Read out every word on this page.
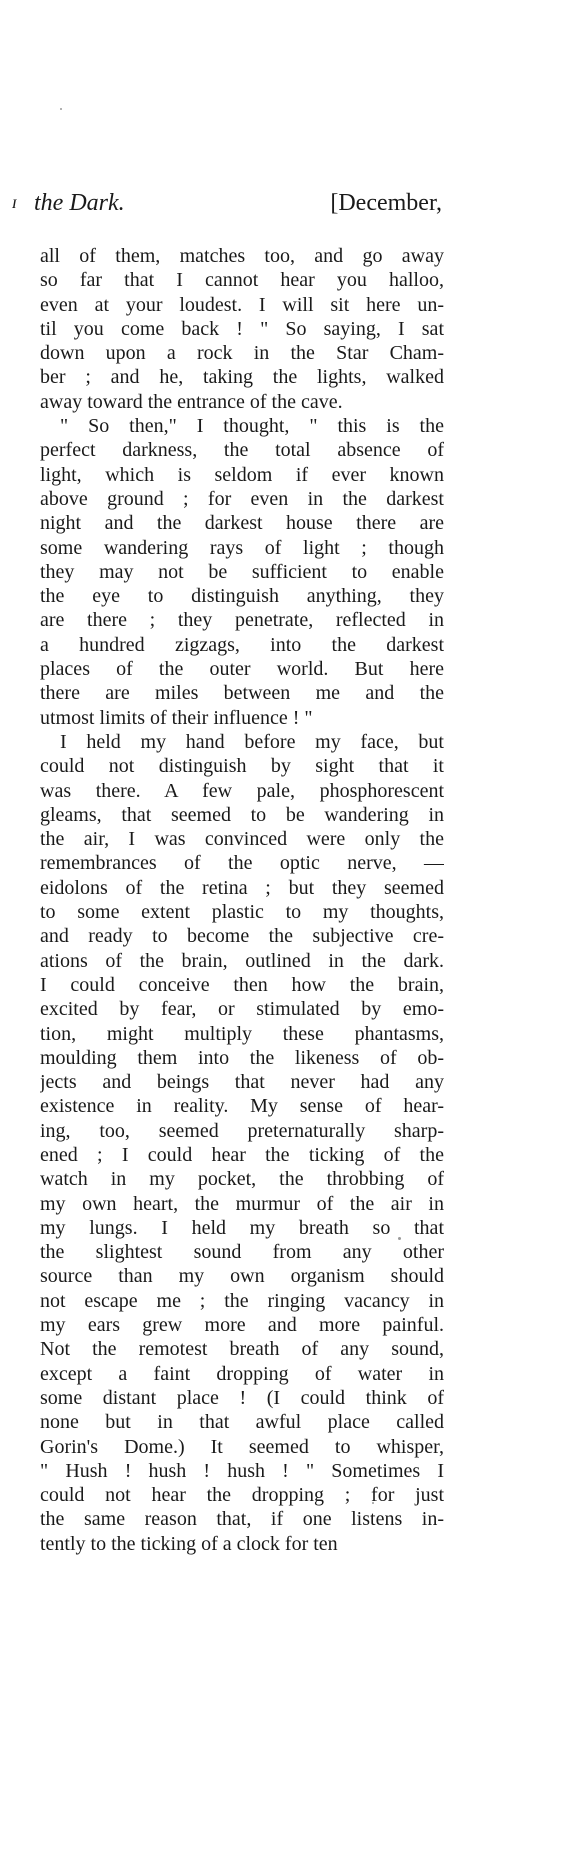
ɪ the Dark.	[December,
all of them, matches too, and go away
so far that I cannot hear you halloo,
even at your loudest. I will sit here un-
til you come back ! " So saying, I sat
down upon a rock in the Star Cham-
ber ; and he, taking the lights, walked
away toward the entrance of the cave.
" So then," I thought, " this is the
perfect darkness, the total absence of
light, which is seldom if ever known
above ground ; for even in the darkest
night and the darkest house there are
some wandering rays of light ; though
they may not be sufficient to enable
the eye to distinguish anything, they
are there ; they penetrate, reflected in
a hundred zigzags, into the darkest
places of the outer world. But here
there are miles between me and the
utmost limits of their influence ! "
I held my hand before my face, but
could not distinguish by sight that it
was there. A few pale, phosphorescent
gleams, that seemed to be wandering in
the air, I was convinced were only the
remembrances of the optic nerve, —
eidolons of the retina ; but they seemed
to some extent plastic to my thoughts,
and ready to become the subjective cre-
ations of the brain, outlined in the dark.
I could conceive then how the brain,
excited by fear, or stimulated by emo-
tion, might multiply these phantasms,
moulding them into the likeness of ob-
jects and beings that never had any
existence in reality. My sense of hear-
ing, too, seemed preternaturally sharp-
ened ; I could hear the ticking of the
watch in my pocket, the throbbing of
my own heart, the murmur of the air in
my lungs. I held my breath so that
the slightest sound from any other
source than my own organism should
not escape me ; the ringing vacancy in
my ears grew more and more painful.
Not the remotest breath of any sound,
except a faint dropping of water in
some distant place ! (I could think of
none but in that awful place called
Gorin's Dome.) It seemed to whisper,
" Hush ! hush ! hush ! " Sometimes I
could not hear the dropping ; for just
the same reason that, if one listens in-
tently to the ticking of a clock for ten
